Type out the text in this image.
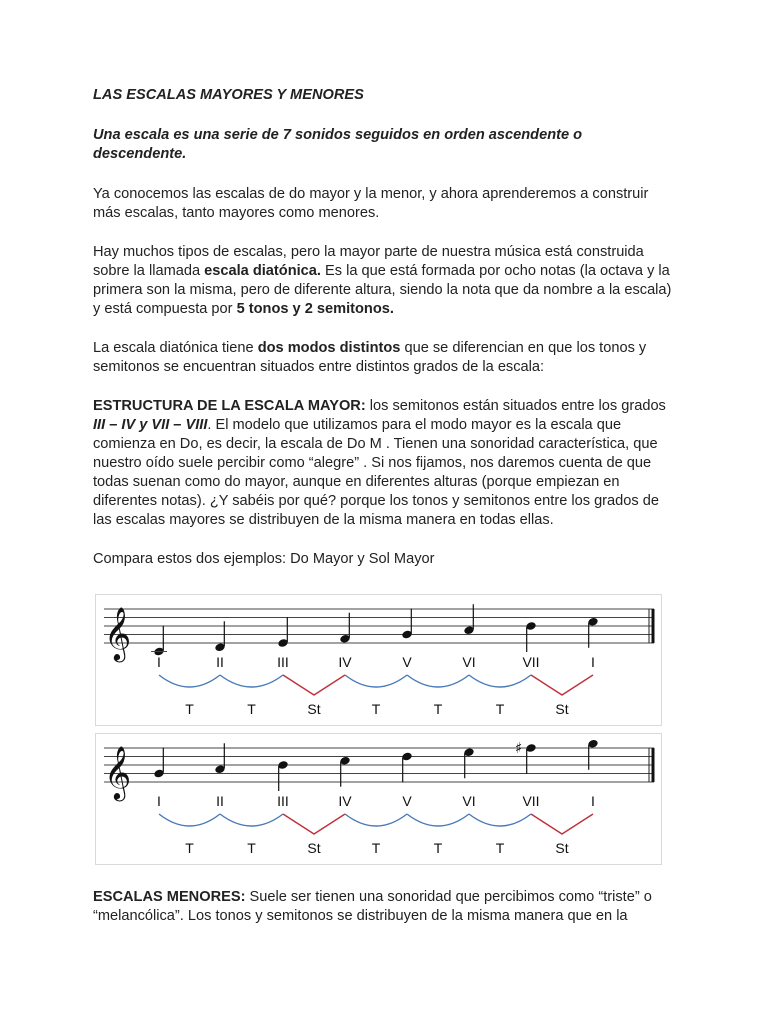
LAS ESCALAS MAYORES Y MENORES

Una escala es una serie de 7 sonidos seguidos en orden ascendente o descendente.

Ya conocemos las escalas de do mayor y la menor, y ahora aprenderemos a construir más escalas, tanto mayores como menores.

Hay muchos tipos de escalas, pero la mayor parte de nuestra música está construida sobre la llamada escala diatónica. Es la que está formada por ocho notas (la octava y la primera son la misma, pero de diferente altura, siendo la nota que da nombre a la escala) y está compuesta por 5 tonos y 2 semitonos.

La escala diatónica tiene dos modos distintos que se diferencian en que los tonos y semitonos se encuentran situados entre distintos grados de la escala:

ESTRUCTURA DE LA ESCALA MAYOR: los semitonos están situados entre los grados III – IV y VII – VIII. El modelo que utilizamos para el modo mayor es la escala que comienza en Do, es decir, la escala de Do M . Tienen una sonoridad característica, que nuestro oído suele percibir como “alegre” . Si nos fijamos, nos daremos cuenta de que todas suenan como do mayor, aunque en diferentes alturas (porque empiezan en diferentes notas). ¿Y sabéis por qué? porque los tonos y semitonos entre los grados de las escalas mayores se distribuyen de la misma manera en todas ellas.

Compara estos dos ejemplos: Do Mayor y Sol Mayor

𝄞
I	II	III	IV	V	VI	VII	I
T	T	St	T	T	T	St
𝄞	♯
I	II	III	IV	V	VI	VII	I
T	T	St	T	T	T	St

ESCALAS MENORES: Suele ser tienen una sonoridad que percibimos como “triste” o “melancólica”. Los tonos y semitonos se distribuyen de la misma manera que en la
